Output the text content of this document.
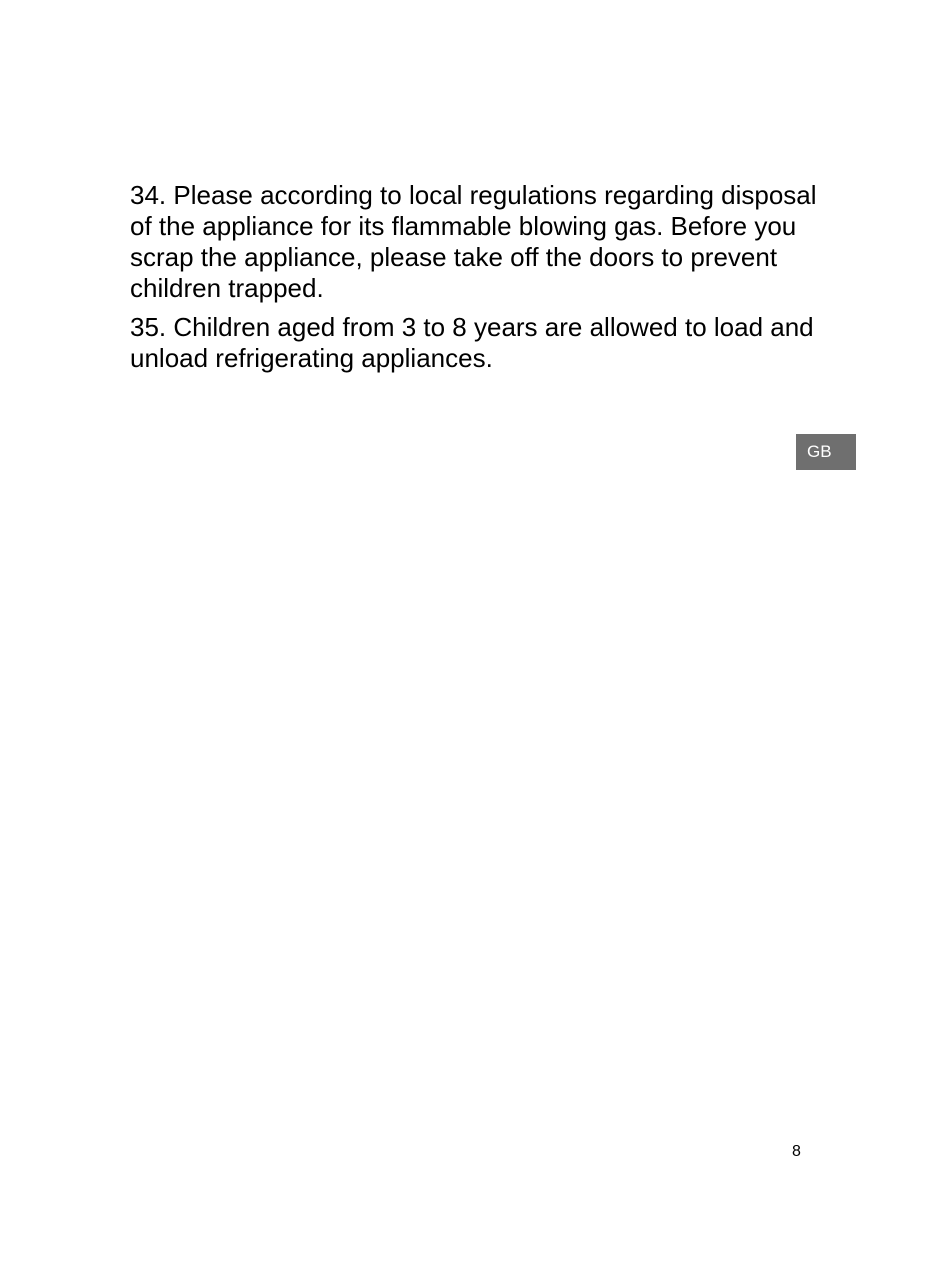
34. Please according to local regulations regarding disposal of the appliance for its flammable blowing gas. Before you scrap the appliance, please take off the doors to prevent children trapped.

35. Children aged from 3 to 8 years are allowed to load and unload refrigerating appliances.

GB
8
